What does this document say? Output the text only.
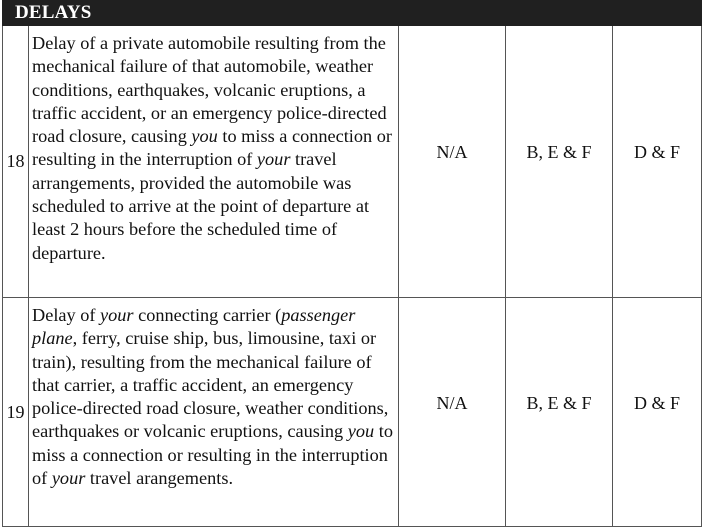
DELAYS				
18	Delay of a private automobile resulting from the mechanical failure of that automobile, weather conditions, earthquakes, volcanic eruptions, a traffic accident, or an emergency police-directed road closure, causing you to miss a connection or resulting in the interruption of your travel arrangements, provided the automobile was scheduled to arrive at the point of departure at least 2 hours before the scheduled time of departure.	N/A	B, E & F	D & F
19	Delay of your connecting carrier (passenger plane, ferry, cruise ship, bus, limousine, taxi or train), resulting from the mechanical failure of that carrier, a traffic accident, an emergency police-directed road closure, weather conditions, earthquakes or volcanic eruptions, causing you to miss a connection or resulting in the interruption of your travel arangements.	N/A	B, E & F	D & F
